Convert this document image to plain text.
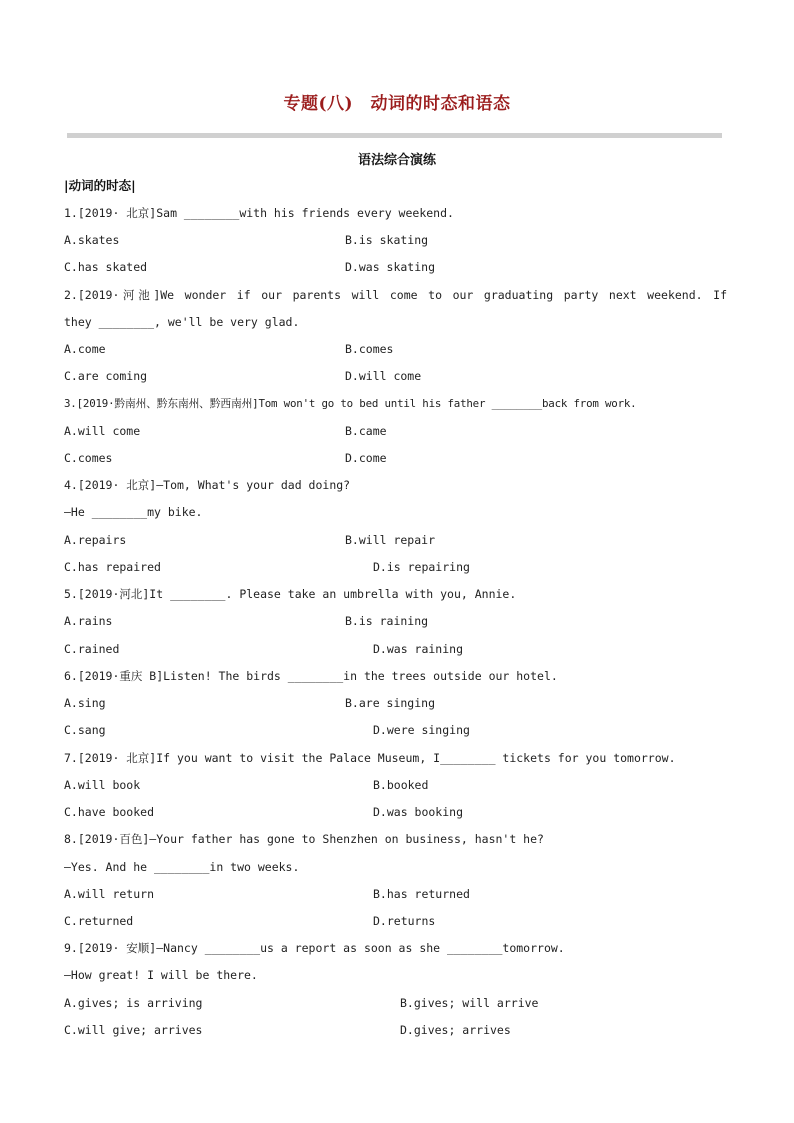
专题(八)　动词的时态和语态
语法综合演练
|动词的时态|
1.[2019· 北京]Sam ________with his friends every weekend.
A.skates	B.is skating
C.has skated	D.was skating
2.[2019·河池]We wonder if our parents will come to our graduating party next weekend. If
they ________, we'll be very glad.
A.come	B.comes
C.are coming	D.will come
3.[2019·黔南州、黔东南州、黔西南州]Tom won't go to bed until his father ________back from work.
A.will come	B.came
C.comes	D.come
4.[2019· 北京]—Tom, What's your dad doing?
—He ________my bike.
A.repairs	B.will repair
C.has repaired	D.is repairing
5.[2019·河北]It ________. Please take an umbrella with you, Annie.
A.rains	B.is raining
C.rained	D.was raining
6.[2019·重庆 B]Listen! The birds ________in the trees outside our hotel.
A.sing	B.are singing
C.sang	D.were singing
7.[2019· 北京]If you want to visit the Palace Museum, I________ tickets for you tomorrow.
A.will book	B.booked
C.have booked	D.was booking
8.[2019·百色]—Your father has gone to Shenzhen on business, hasn't he?
—Yes. And he ________in two weeks.
A.will return	B.has returned
C.returned	D.returns
9.[2019· 安顺]—Nancy ________us a report as soon as she ________tomorrow.
—How great! I will be there.
A.gives; is arriving	B.gives; will arrive
C.will give; arrives	D.gives; arrives
